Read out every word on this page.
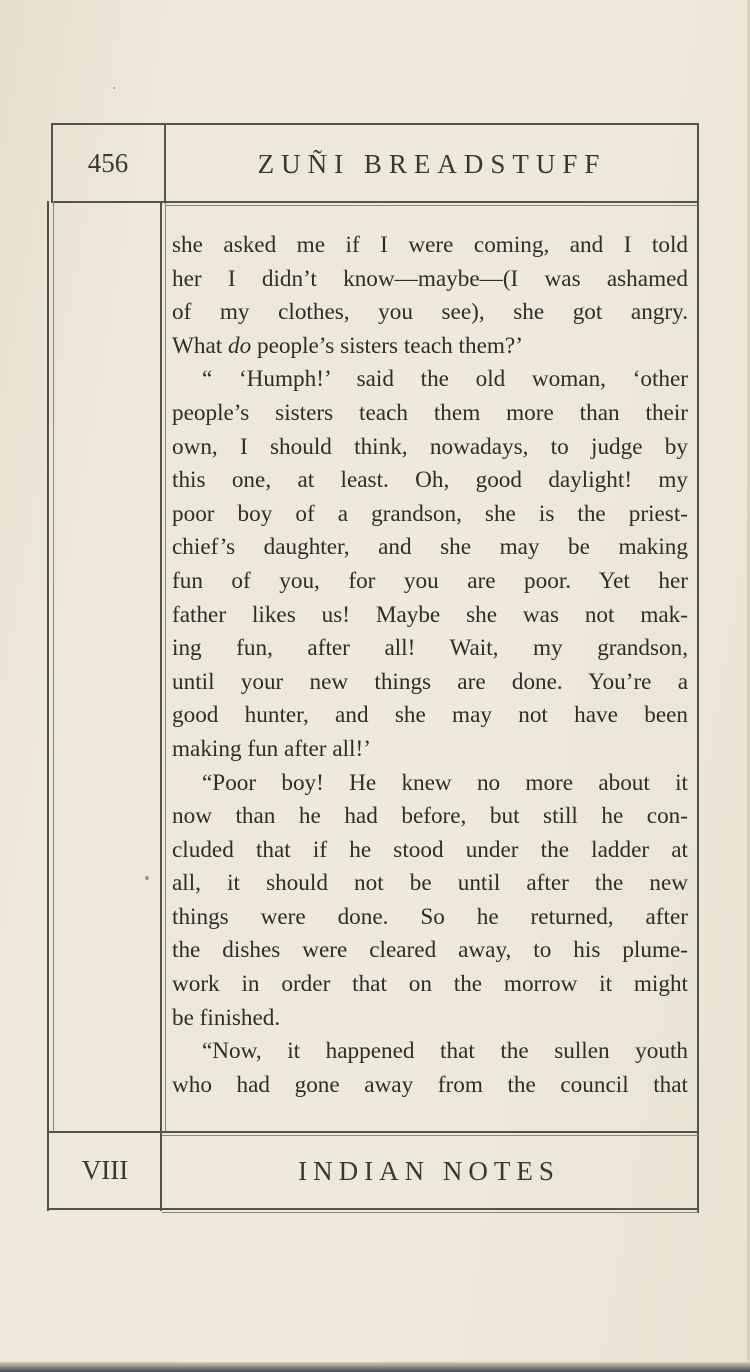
456	ZUÑI BREADSTUFF

she asked me if I were coming, and I told

her I didn’t know—maybe—(I was ashamed

of my clothes, you see), she got angry.

What do people’s sisters teach them?’

“ ‘Humph!’ said the old woman, ‘other

people’s sisters teach them more than their

own, I should think, nowadays, to judge by

this one, at least. Oh, good daylight! my

poor boy of a grandson, she is the priest-

chief’s daughter, and she may be making

fun of you, for you are poor. Yet her

father likes us! Maybe she was not mak-

ing fun, after all! Wait, my grandson,

until your new things are done. You’re a

good hunter, and she may not have been

making fun after all!’

“Poor boy! He knew no more about it

now than he had before, but still he con-

cluded that if he stood under the ladder at

all, it should not be until after the new

things were done. So he returned, after

the dishes were cleared away, to his plume-

work in order that on the morrow it might

be finished.

“Now, it happened that the sullen youth

who had gone away from the council that

VIII	INDIAN NOTES
